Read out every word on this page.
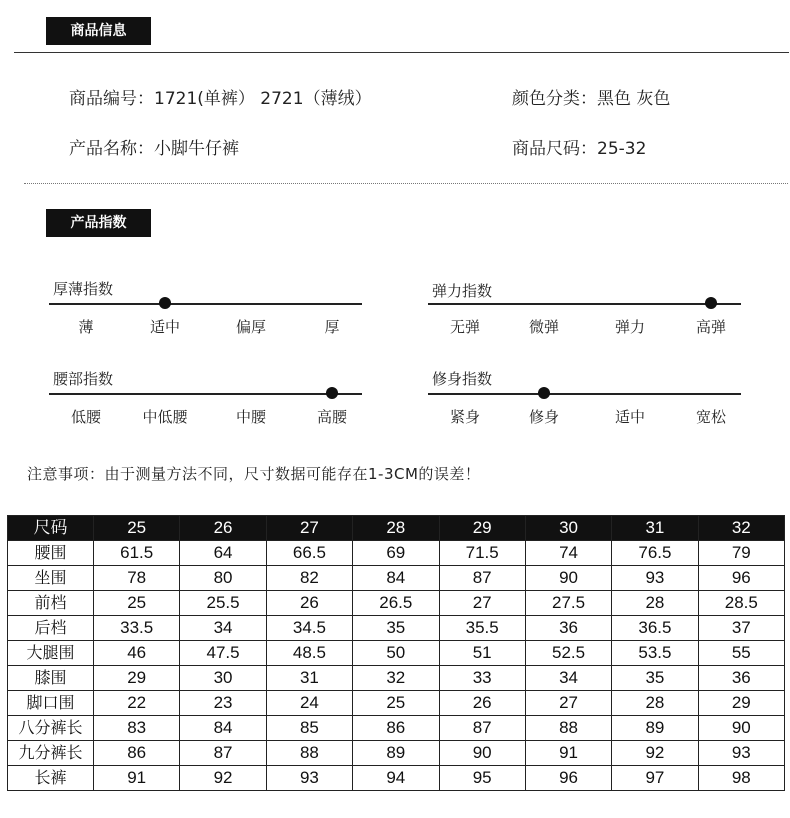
商品信息
商品编号：1721(单裤） 2721（薄绒）	颜色分类：黑色 灰色
产品名称：小脚牛仔裤	商品尺码：25-32
产品指数
厚薄指数
薄	适中	偏厚	厚
弹力指数
无弹	微弹	弹力	高弹
腰部指数
低腰	中低腰	中腰	高腰
修身指数
紧身	修身	适中	宽松
注意事项：由于测量方法不同，尺寸数据可能存在1-3CM的误差！
尺码	25	26	27	28	29	30	31	32
腰围	61.5	64	66.5	69	71.5	74	76.5	79
坐围	78	80	82	84	87	90	93	96
前档	25	25.5	26	26.5	27	27.5	28	28.5
后档	33.5	34	34.5	35	35.5	36	36.5	37
大腿围	46	47.5	48.5	50	51	52.5	53.5	55
膝围	29	30	31	32	33	34	35	36
脚口围	22	23	24	25	26	27	28	29
八分裤长	83	84	85	86	87	88	89	90
九分裤长	86	87	88	89	90	91	92	93
长裤	91	92	93	94	95	96	97	98
